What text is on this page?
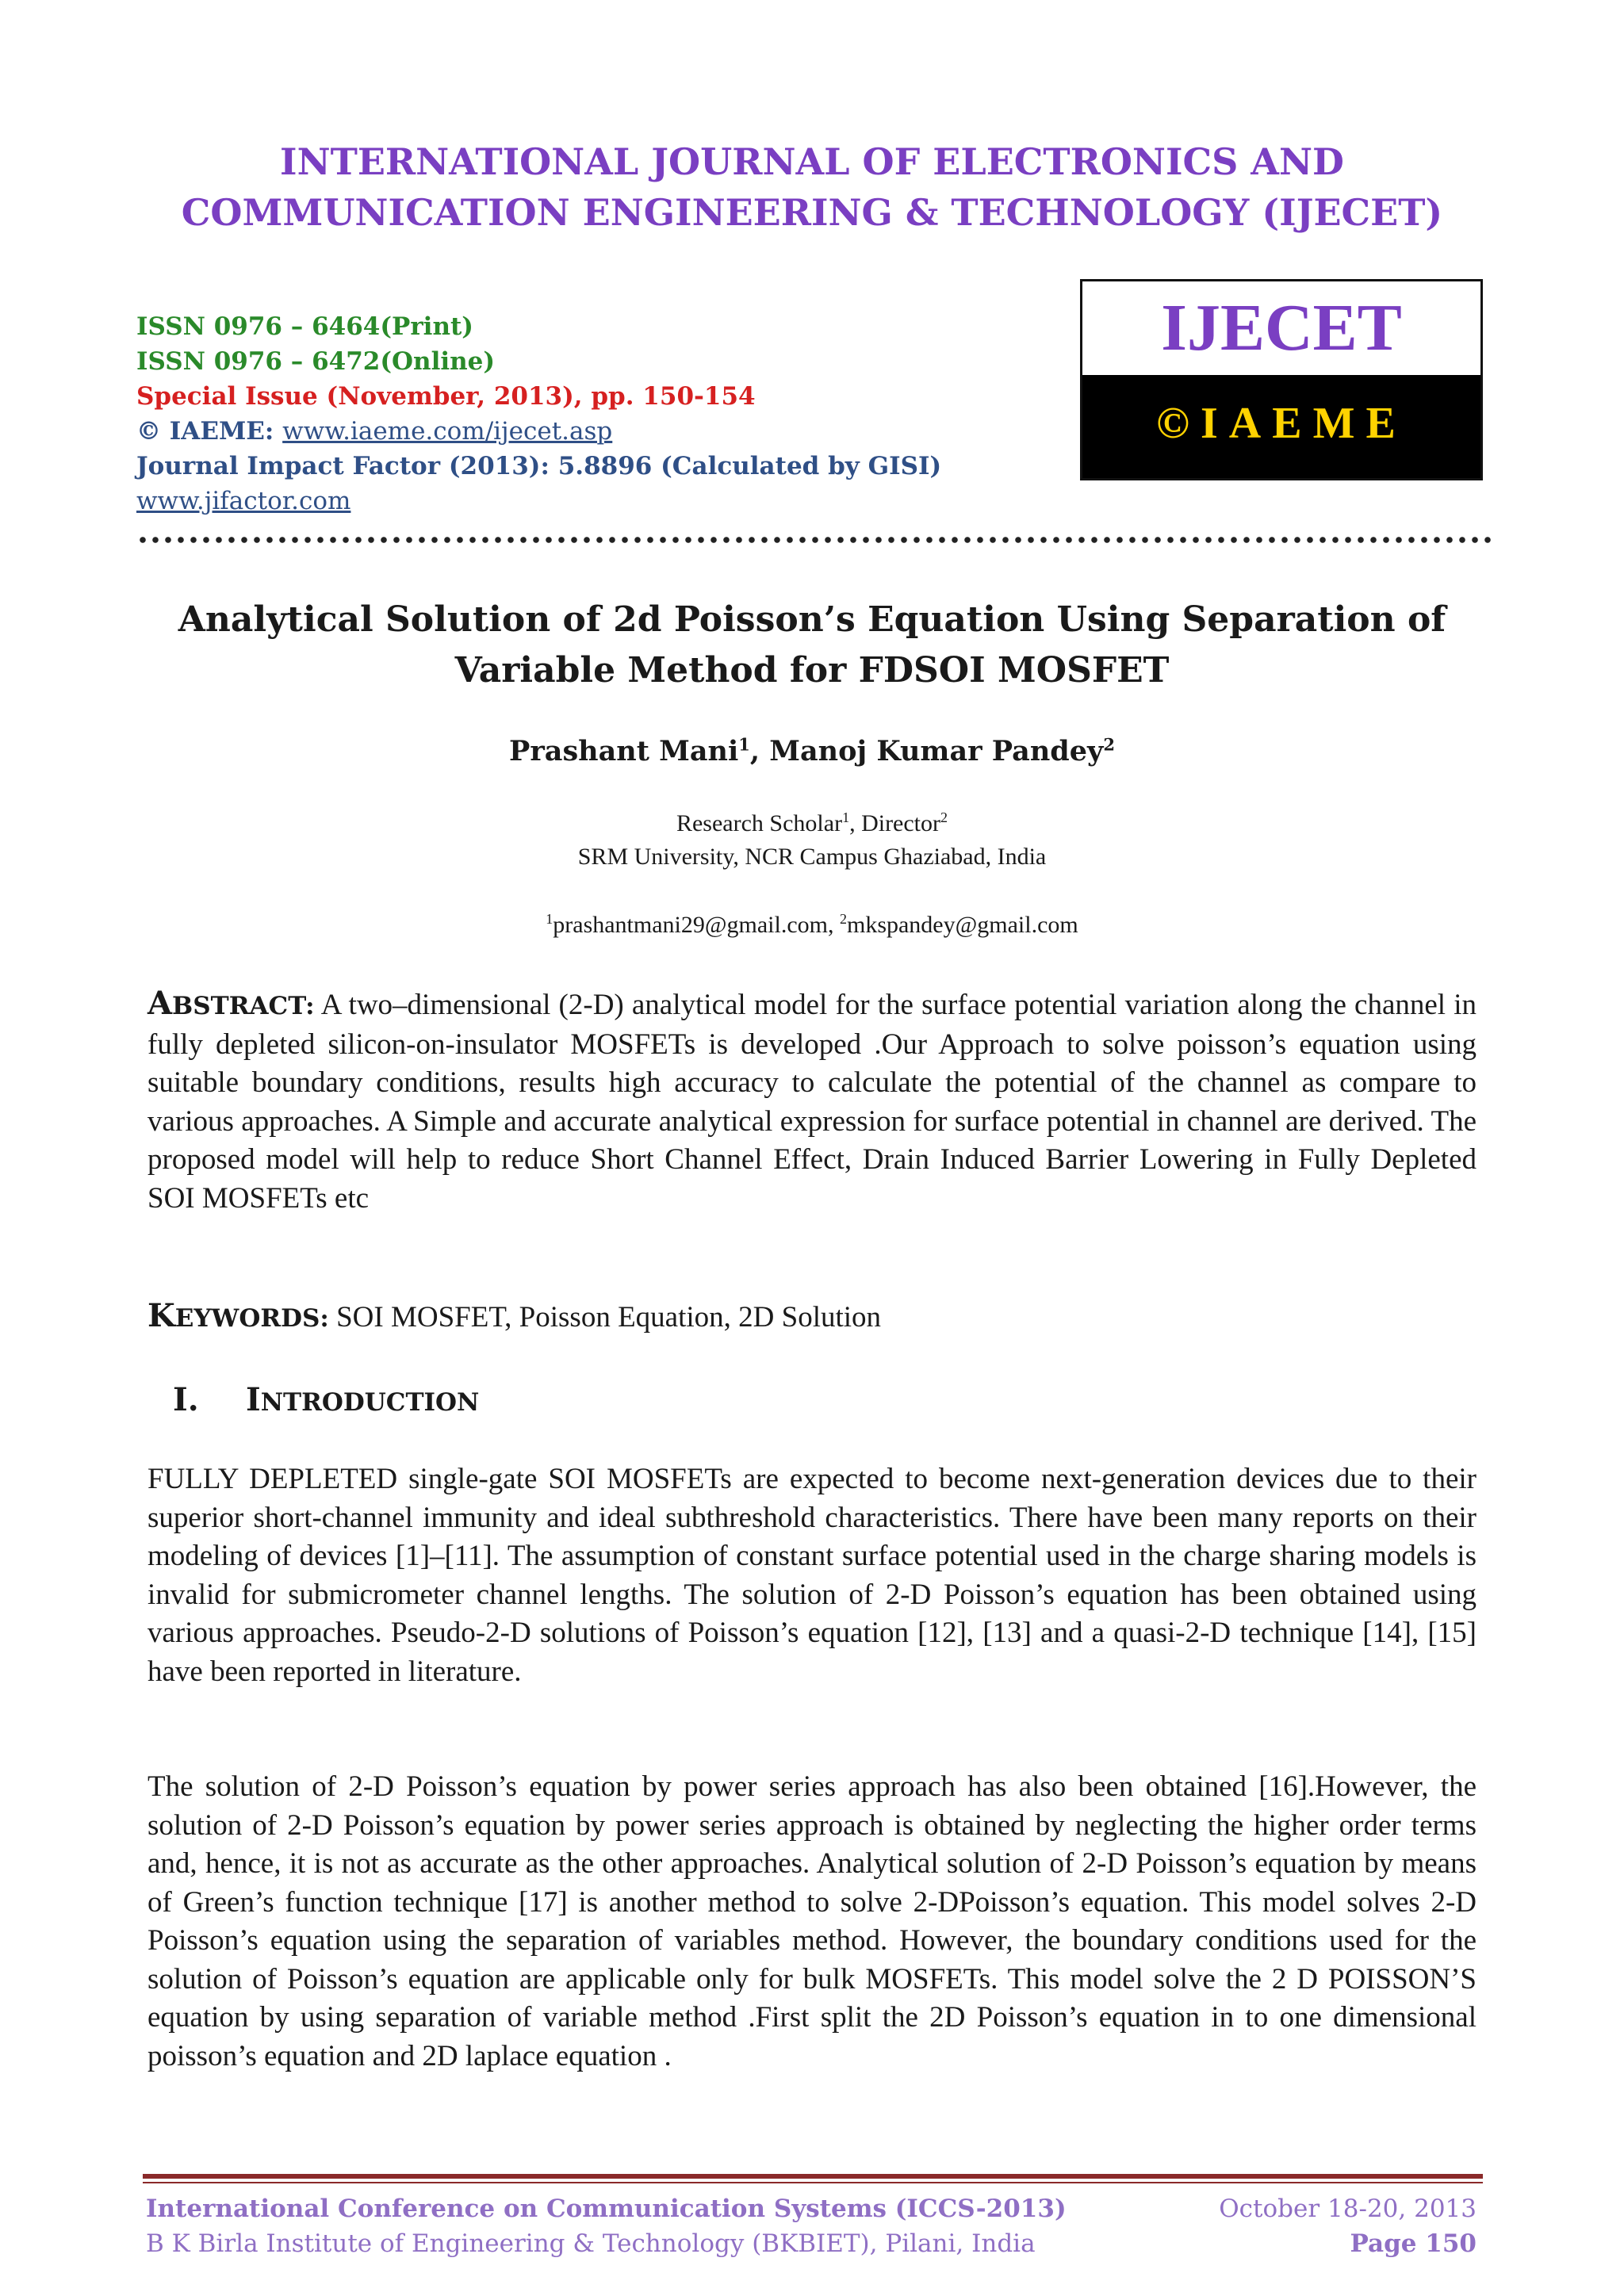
INTERNATIONAL JOURNAL OF ELECTRONICS AND
COMMUNICATION ENGINEERING & TECHNOLOGY (IJECET)
ISSN 0976 – 6464(Print)
ISSN 0976 – 6472(Online)
Special Issue (November, 2013), pp. 150-154
© IAEME: www.iaeme.com/ijecet.asp
Journal Impact Factor (2013): 5.8896 (Calculated by GISI)
www.jifactor.com
IJECET
©IAEME
Analytical Solution of 2d Poisson’s Equation Using Separation of
Variable Method for FDSOI MOSFET
Prashant Mani$^1$, Manoj Kumar Pandey$^2$
Research Scholar$^1$, Director$^2$
SRM University, NCR Campus Ghaziabad, India
$^1$prashantmani29@gmail.com, $^2$mkspandey@gmail.com
ABSTRACT: A two–dimensional (2-D) analytical model for the surface potential variation along the channel in fully depleted silicon-on-insulator MOSFETs is developed .Our Approach to solve poisson’s equation using suitable boundary conditions, results high accuracy to calculate the potential of the channel as compare to various approaches. A Simple and accurate analytical expression for surface potential in channel are derived. The proposed model will help to reduce Short Channel Effect, Drain Induced Barrier Lowering in Fully Depleted SOI MOSFETs etc
KEYWORDS: SOI MOSFET, Poisson Equation, 2D Solution
I. INTRODUCTION
FULLY DEPLETED single-gate SOI MOSFETs are expected to become next-generation devices due to their superior short-channel immunity and ideal subthreshold characteristics. There have been many reports on their modeling of devices [1]–[11]. The assumption of constant surface potential used in the charge sharing models is invalid for submicrometer channel lengths. The solution of 2-D Poisson’s equation has been obtained using various approaches. Pseudo-2-D solutions of Poisson’s equation [12], [13] and a quasi-2-D technique [14], [15] have been reported in literature.
The solution of 2-D Poisson’s equation by power series approach has also been obtained [16].However, the solution of 2-D Poisson’s equation by power series approach is obtained by neglecting the higher order terms and, hence, it is not as accurate as the other approaches. Analytical solution of 2-D Poisson’s equation by means of Green’s function technique [17] is another method to solve 2-DPoisson’s equation. This model solves 2-D Poisson’s equation using the separation of variables method. However, the boundary conditions used for the solution of Poisson’s equation are applicable only for bulk MOSFETs. This model solve the 2 D POISSON’S equation by using separation of variable method .First split the 2D Poisson’s equation in to one dimensional poisson’s equation and 2D laplace equation .
International Conference on Communication Systems (ICCS-2013)
B K Birla Institute of Engineering & Technology (BKBIET), Pilani, India
October 18-20, 2013
Page 150
